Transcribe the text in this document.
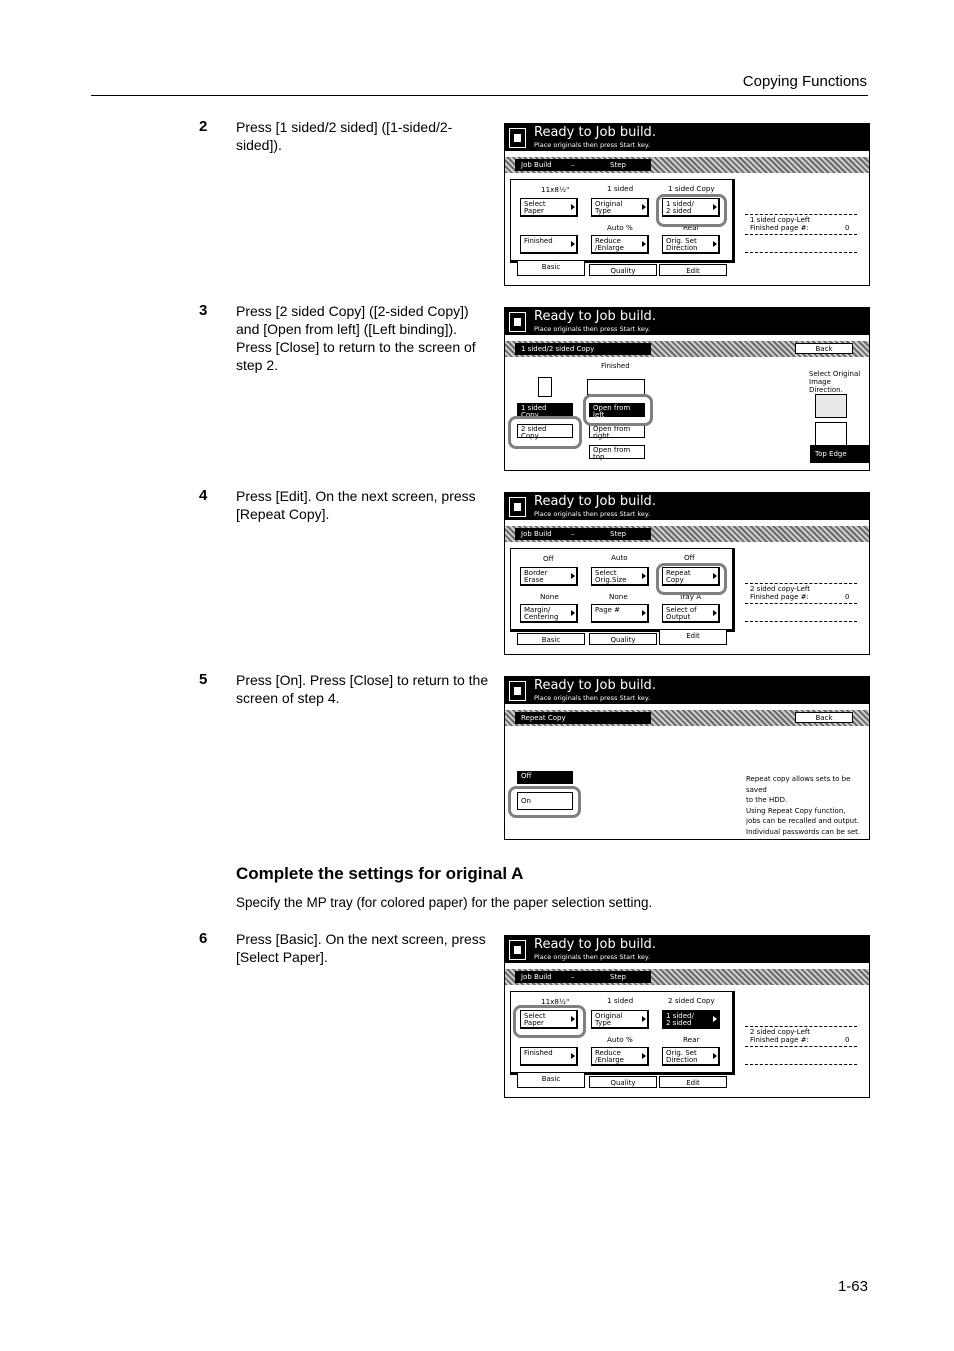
Copying Functions
2 Press [1 sided/2 sided] ([1-sided/2-sided]).
3 Press [2 sided Copy] ([2-sided Copy]) and [Open from left] ([Left binding]). Press [Close] to return to the screen of step 2.
4 Press [Edit]. On the next screen, press [Repeat Copy].
5 Press [On]. Press [Close] to return to the screen of step 4.
Complete the settings for original A
Specify the MP tray (for colored paper) for the paper selection setting.
6 Press [Basic]. On the next screen, press [Select Paper].
1-63
Ready to Job build.
Place originals then press Start key.
Job Build	–	Step
11x8½"	1 sided	1 sided Copy
Select
Paper
Original
Type
1 sided/
2 sided
Auto %	Rear
Finished	Reduce
/Enlarge
Orig. Set
Direction
Basic	Quality	Edit
1 sided copy-Left
Finished page #:	0
Ready to Job build.
Place originals then press Start key.
1 sided/2 sided Copy	Back
Finished
1 sided
Copy
2 sided
Copy
Open from
left
Open from
right
Open from
top
Select Original Image
Direction.
Top Edge
Ready to Job build.
Place originals then press Start key.
Job Build	–	Step
Off	Auto	Off
Border
Erase
Select
Orig.Size
Repeat
Copy
None	None	Tray A
Margin/
Centering
Page #	Select of
Output
Basic	Quality	Edit
2 sided copy-Left
Finished page #:	0
Ready to Job build.
Place originals then press Start key.
Repeat Copy	Back
Off
On
Repeat copy allows sets to be saved
to the HDD.
Using Repeat Copy function,
jobs can be recalled and output.
Individual passwords can be set.
Ready to Job build.
Place originals then press Start key.
Job Build	–	Step
11x8½"	1 sided	2 sided Copy
Select
Paper
Original
Type
1 sided/
2 sided
Auto %	Rear
Finished	Reduce
/Enlarge
Orig. Set
Direction
Basic	Quality	Edit
2 sided copy-Left
Finished page #:	0
